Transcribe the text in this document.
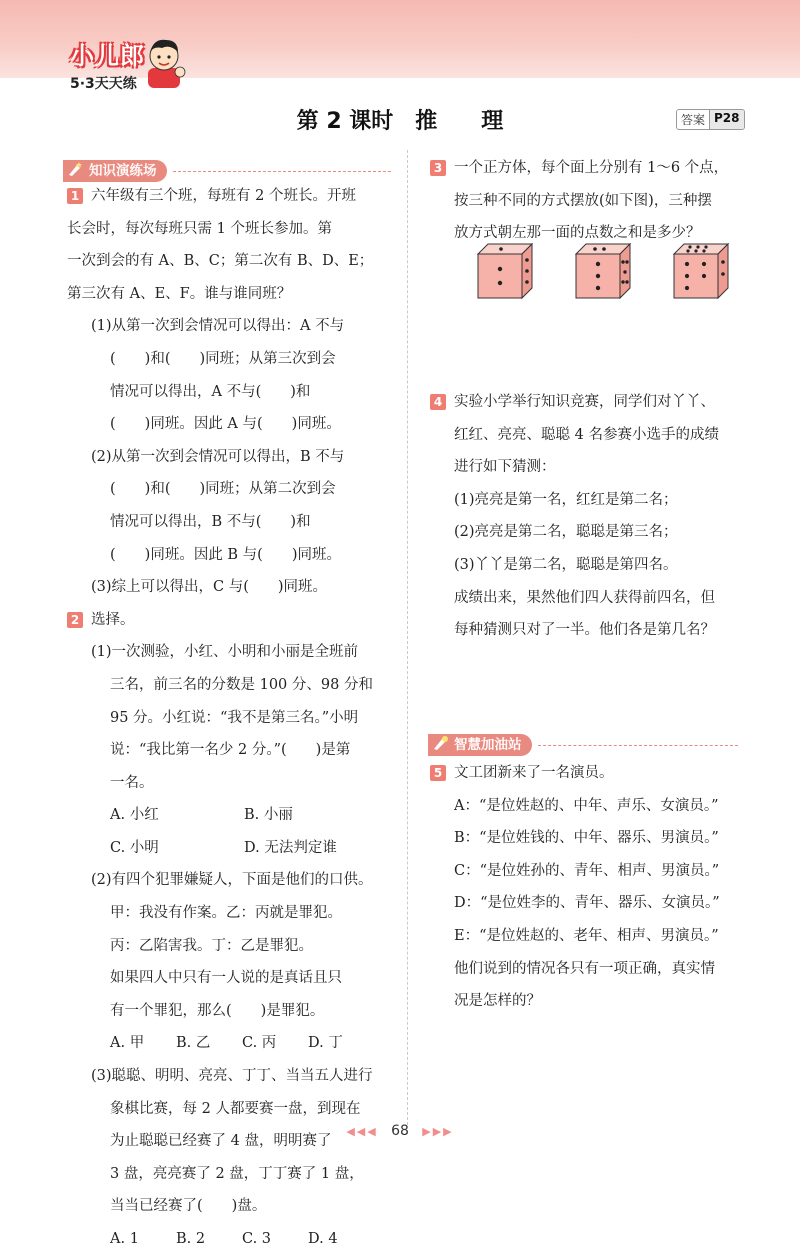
小儿郎
5·3天天练
第 2 课时　推　　理	答案 P28
知识演练场
1 六年级有三个班，每班有 2 个班长。开班
长会时，每次每班只需 1 个班长参加。第
一次到会的有 A、B、C；第二次有 B、D、E；
第三次有 A、E、F。谁与谁同班？
(1)从第一次到会情况可以得出：A 不与
(　　)和(　　)同班；从第三次到会
情况可以得出，A 不与(　　)和
(　　)同班。因此 A 与(　　)同班。
(2)从第一次到会情况可以得出，B 不与
(　　)和(　　)同班；从第二次到会
情况可以得出，B 不与(　　)和
(　　)同班。因此 B 与(　　)同班。
(3)综上可以得出，C 与(　　)同班。
2 选择。
(1)一次测验，小红、小明和小丽是全班前
三名，前三名的分数是 100 分、98 分和
95 分。小红说：“我不是第三名。”小明
说：“我比第一名少 2 分。”(　　)是第
一名。
A. 小红	B. 小丽
C. 小明	D. 无法判定谁
(2)有四个犯罪嫌疑人，下面是他们的口供。
甲：我没有作案。乙：丙就是罪犯。
丙：乙陷害我。丁：乙是罪犯。
如果四人中只有一人说的是真话且只
有一个罪犯，那么(　　)是罪犯。
A. 甲	B. 乙	C. 丙	D. 丁
(3)聪聪、明明、亮亮、丁丁、当当五人进行
象棋比赛，每 2 人都要赛一盘，到现在
为止聪聪已经赛了 4 盘，明明赛了
3 盘，亮亮赛了 2 盘，丁丁赛了 1 盘，
当当已经赛了(　　)盘。
A. 1	B. 2	C. 3	D. 4
3 一个正方体，每个面上分别有 1～6 个点，
按三种不同的方式摆放(如下图)，三种摆
放方式朝左那一面的点数之和是多少？
4 实验小学举行知识竞赛，同学们对丫丫、
红红、亮亮、聪聪 4 名参赛小选手的成绩
进行如下猜测：
(1)亮亮是第一名，红红是第二名；
(2)亮亮是第二名，聪聪是第三名；
(3)丫丫是第二名，聪聪是第四名。
成绩出来，果然他们四人获得前四名，但
每种猜测只对了一半。他们各是第几名？
智慧加油站
5 文工团新来了一名演员。
A：“是位姓赵的、中年、声乐、女演员。”
B：“是位姓钱的、中年、器乐、男演员。”
C：“是位姓孙的、青年、相声、男演员。”
D：“是位姓李的、青年、器乐、女演员。”
E：“是位姓赵的、老年、相声、男演员。”
他们说到的情况各只有一项正确，真实情
况是怎样的？
◀◀◀ 68 ▶▶▶
